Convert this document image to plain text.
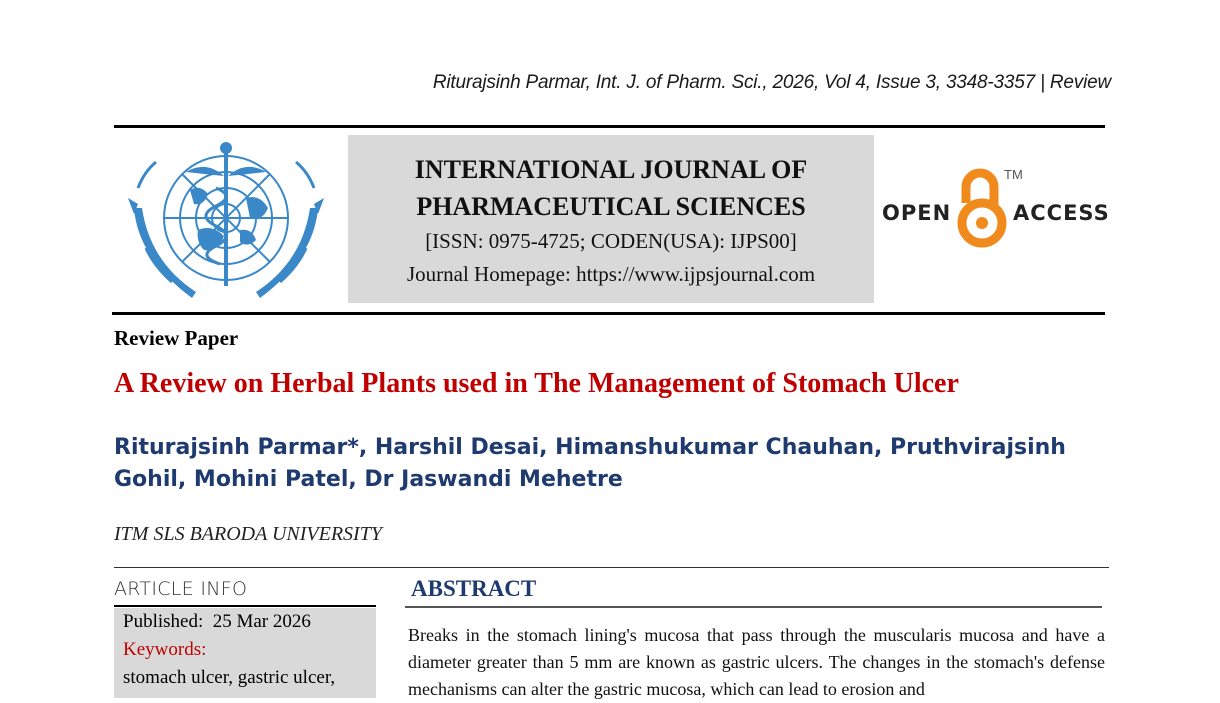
Riturajsinh Parmar, Int. J. of Pharm. Sci., 2026, Vol 4, Issue 3, 3348-3357 | Review
INTERNATIONAL JOURNAL OF
PHARMACEUTICAL SCIENCES
[ISSN: 0975-4725; CODEN(USA): IJPS00]
Journal Homepage: https://www.ijpsjournal.com
OPEN
TM
ACCESS
Review Paper
A Review on Herbal Plants used in The Management of Stomach Ulcer
Riturajsinh Parmar*, Harshil Desai, Himanshukumar Chauhan, Pruthvirajsinh
Gohil, Mohini Patel, Dr Jaswandi Mehetre
ITM SLS BARODA UNIVERSITY
ARTICLE INFO
Published: 25 Mar 2026
Keywords:
stomach ulcer, gastric ulcer,
ABSTRACT
Breaks in the stomach lining's mucosa that pass through the muscularis mucosa and have a diameter greater than 5 mm are known as gastric ulcers. The changes in the stomach's defense mechanisms can alter the gastric mucosa, which can lead to erosion and
